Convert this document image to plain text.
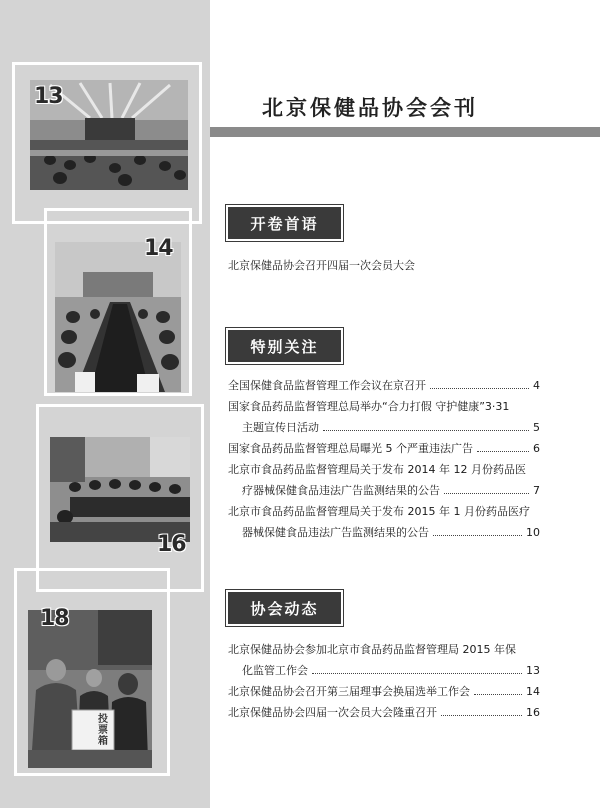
13
14
16
投票箱
18
北京保健品协会会刊
开卷首语
北京保健品协会召开四届一次会员大会
特别关注
全国保健食品监督管理工作会议在京召开	4
国家食品药品监督管理总局举办“合力打假 守护健康”3·31
主题宣传日活动	5
国家食品药品监督管理总局曝光 5 个严重违法广告	6
北京市食品药品监督管理局关于发布 2014 年 12 月份药品医
疗器械保健食品违法广告监测结果的公告	7
北京市食品药品监督管理局关于发布 2015 年 1 月份药品医疗
器械保健食品违法广告监测结果的公告	10
协会动态
北京保健品协会参加北京市食品药品监督管理局 2015 年保
化监管工作会	13
北京保健品协会召开第三届理事会换届选举工作会	14
北京保健品协会四届一次会员大会隆重召开	16
